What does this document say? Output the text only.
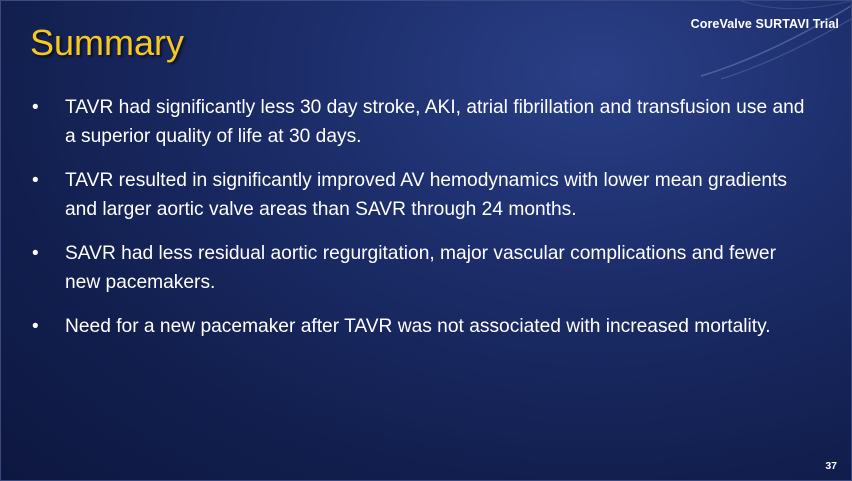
CoreValve SURTAVI Trial
Summary
• TAVR had significantly less 30 day stroke, AKI, atrial fibrillation and transfusion use and a superior quality of life at 30 days.
• TAVR resulted in significantly improved AV hemodynamics with lower mean gradients and larger aortic valve areas than SAVR through 24 months.
• SAVR had less residual aortic regurgitation, major vascular complications and fewer new pacemakers.
• Need for a new pacemaker after TAVR was not associated with increased mortality.
37
